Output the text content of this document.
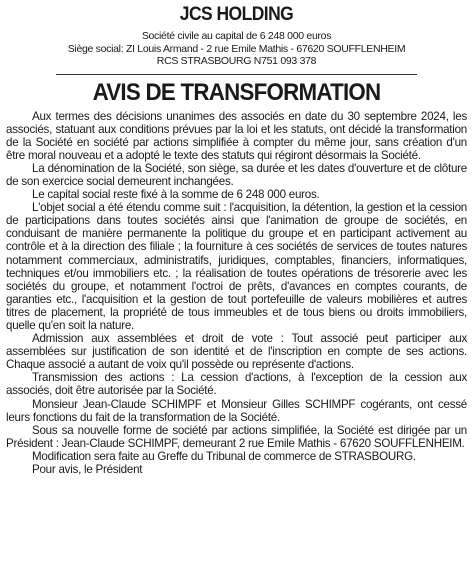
JCS HOLDING
Société civile au capital de 6 248 000 euros
Siège social: ZI Louis Armand - 2 rue Emile Mathis - 67620 SOUFFLENHEIM
RCS STRASBOURG N751 093 378
AVIS DE TRANSFORMATION

Aux termes des décisions unanimes des associés en date du 30 septembre 2024, les associés, statuant aux conditions prévues par la loi et les statuts, ont décidé la transformation de la Société en société par actions simplifiée à compter du même jour, sans création d'un être moral nouveau et a adopté le texte des statuts qui régiront désormais la Société.

La dénomination de la Société, son siège, sa durée et les dates d'ouverture et de clôture de son exercice social demeurent inchangées.

Le capital social reste fixé à la somme de 6 248 000 euros.

L'objet social a été étendu comme suit : l'acquisition, la détention, la gestion et la cession de participations dans toutes sociétés ainsi que l'animation de groupe de sociétés, en conduisant de manière permanente la politique du groupe et en participant activement au contrôle et à la direction des filiale ; la fourniture à ces sociétés de services de toutes natures notamment commerciaux, administratifs, juridiques, comptables, financiers, informatiques, techniques et/ou immobiliers etc. ; la réalisation de toutes opérations de trésorerie avec les sociétés du groupe, et notamment l'octroi de prêts, d'avances en comptes courants, de garanties etc., l'acquisition et la gestion de tout portefeuille de valeurs mobilières et autres titres de placement, la propriété de tous immeubles et de tous biens ou droits immobiliers, quelle qu'en soit la nature.

Admission aux assemblées et droit de vote : Tout associé peut participer aux assemblées sur justification de son identité et de l'inscription en compte de ses actions. Chaque associé a autant de voix qu'il possède ou représente d'actions.

Transmission des actions : La cession d'actions, à l'exception de la cession aux associés, doit être autorisée par la Société.

Monsieur Jean-Claude SCHIMPF et Monsieur Gilles SCHIMPF cogérants, ont cessé leurs fonctions du fait de la transformation de la Société.

Sous sa nouvelle forme de société par actions simplifiée, la Société est dirigée par un Président : Jean-Claude SCHIMPF, demeurant 2 rue Emile Mathis - 67620 SOUFFLENHEIM.

Modification sera faite au Greffe du Tribunal de commerce de STRASBOURG.

Pour avis, le Président
